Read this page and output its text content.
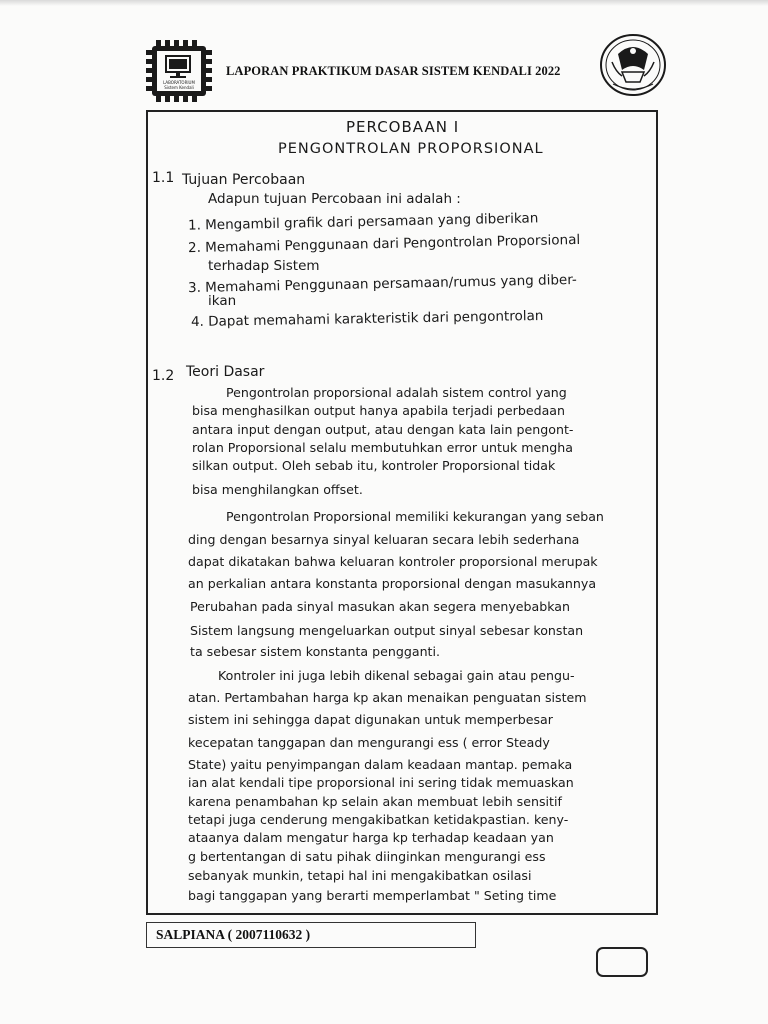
LABORATORIUM
Sistem Kendali
LAPORAN PRAKTIKUM DASAR SISTEM KENDALI 2022
PERCOBAAN I
PENGONTROLAN PROPORSIONAL
1.1 Tujuan Percobaan
Adapun tujuan Percobaan ini adalah :
1. Mengambil grafik dari persamaan yang diberikan
2. Memahami Penggunaan dari Pengontrolan Proporsional
terhadap Sistem
3. Memahami Penggunaan persamaan/rumus yang diber-
ikan
4. Dapat memahami karakteristik dari pengontrolan
1.2 Teori Dasar
Pengontrolan proporsional adalah sistem control yang
bisa menghasilkan output hanya apabila terjadi perbedaan
antara input dengan output, atau dengan kata lain pengont-
rolan Proporsional selalu membutuhkan error untuk mengha
silkan output. Oleh sebab itu, kontroler Proporsional tidak
bisa menghilangkan offset.
Pengontrolan Proporsional memiliki kekurangan yang seban
ding dengan besarnya sinyal keluaran secara lebih sederhana
dapat dikatakan bahwa keluaran kontroler proporsional merupak
an perkalian antara konstanta proporsional dengan masukannya
Perubahan pada sinyal masukan akan segera menyebabkan
Sistem langsung mengeluarkan output sinyal sebesar konstan
ta sebesar sistem konstanta pengganti.
Kontroler ini juga lebih dikenal sebagai gain atau pengu-
atan. Pertambahan harga kp akan menaikan penguatan sistem
sistem ini sehingga dapat digunakan untuk memperbesar
kecepatan tanggapan dan mengurangi ess ( error Steady
State) yaitu penyimpangan dalam keadaan mantap. pemaka
ian alat kendali tipe proporsional ini sering tidak memuaskan
karena penambahan kp selain akan membuat lebih sensitif
tetapi juga cenderung mengakibatkan ketidakpastian. keny-
ataanya dalam mengatur harga kp terhadap keadaan yan
g bertentangan di satu pihak diinginkan mengurangi ess
sebanyak munkin, tetapi hal ini mengakibatkan osilasi
bagi tanggapan yang berarti memperlambat " Seting time
SALPIANA ( 2007110632 )
